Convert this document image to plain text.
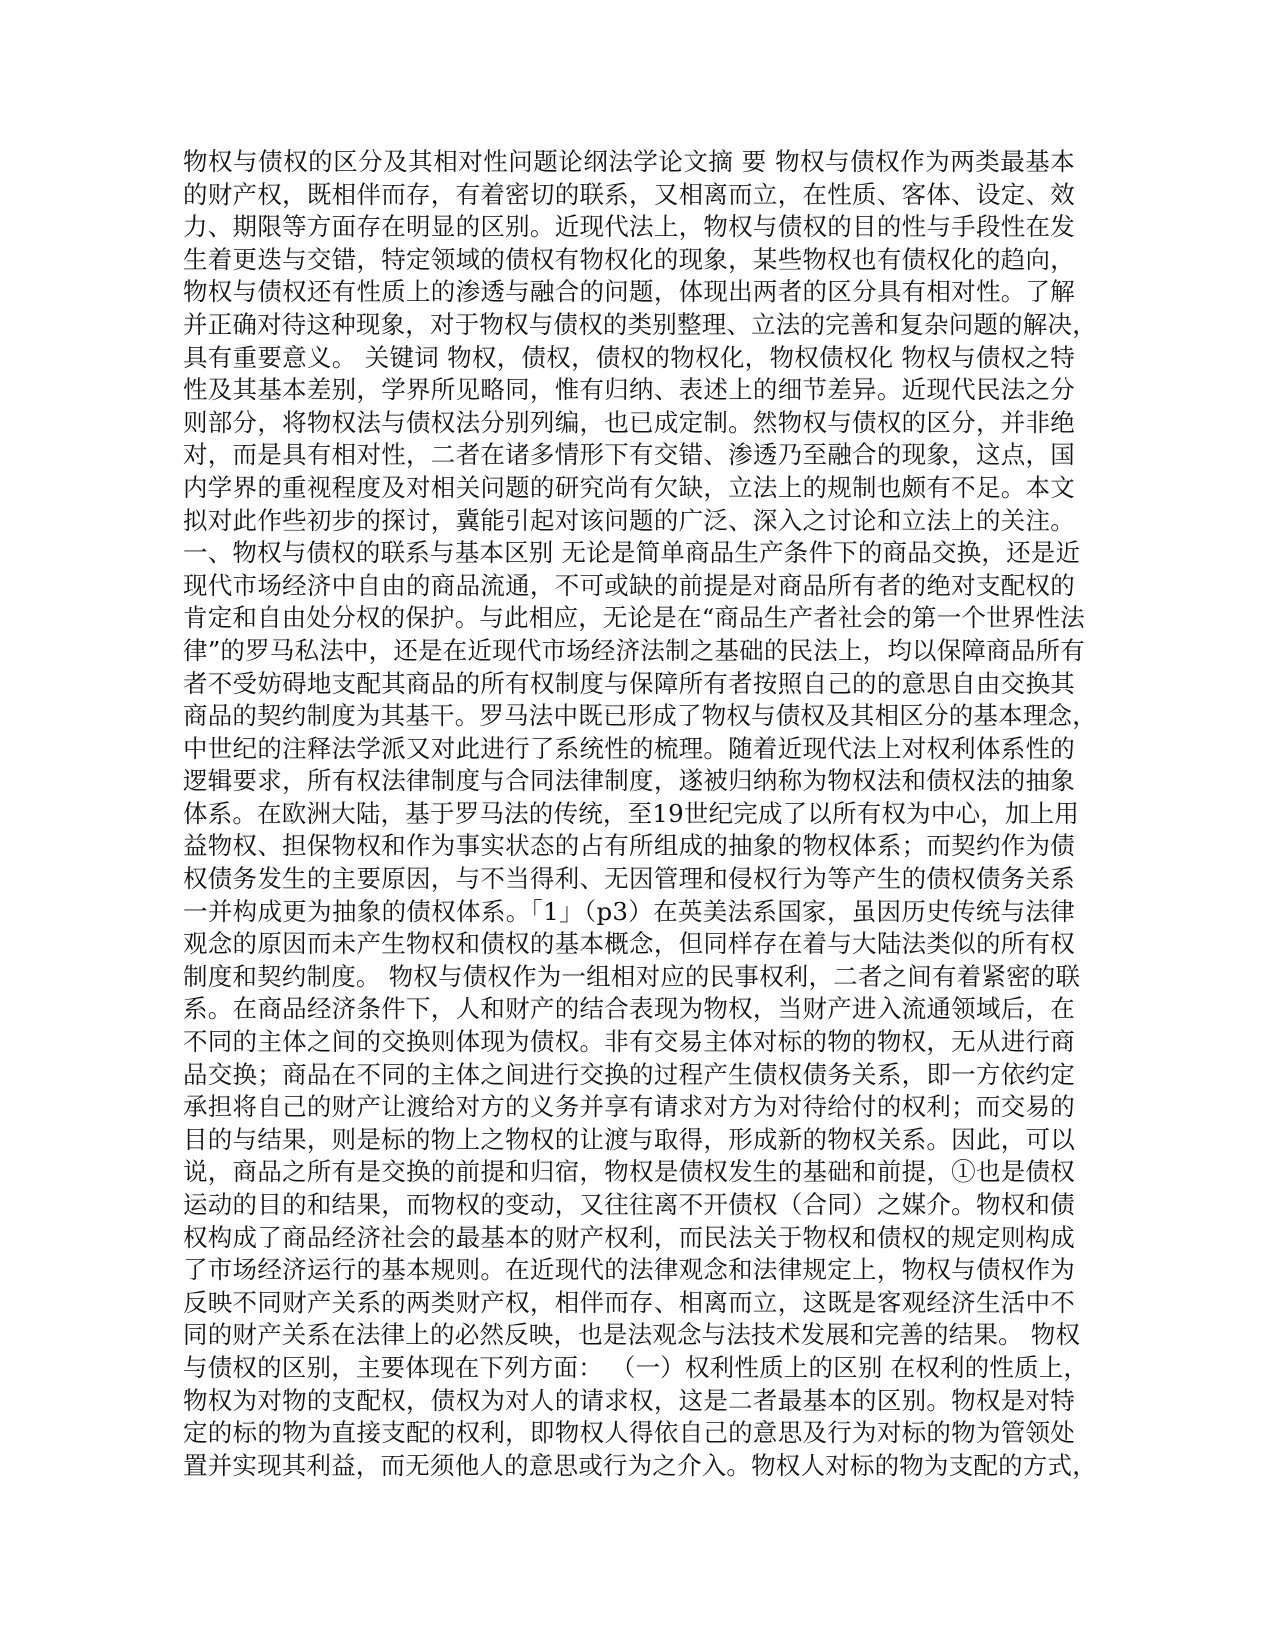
物权与债权的区分及其相对性问题论纲法学论文摘 要 物权与债权作为两类最基本
的财产权，既相伴而存，有着密切的联系，又相离而立，在性质、客体、设定、效
力、期限等方面存在明显的区别。近现代法上，物权与债权的目的性与手段性在发
生着更迭与交错，特定领域的债权有物权化的现象，某些物权也有债权化的趋向，
物权与债权还有性质上的渗透与融合的问题，体现出两者的区分具有相对性。了解
并正确对待这种现象，对于物权与债权的类别整理、立法的完善和复杂问题的解决，
具有重要意义。 关键词 物权，债权，债权的物权化，物权债权化 物权与债权之特
性及其基本差别，学界所见略同，惟有归纳、表述上的细节差异。近现代民法之分
则部分，将物权法与债权法分别列编，也已成定制。然物权与债权的区分，并非绝
对，而是具有相对性，二者在诸多情形下有交错、渗透乃至融合的现象，这点，国
内学界的重视程度及对相关问题的研究尚有欠缺，立法上的规制也颇有不足。本文
拟对此作些初步的探讨，冀能引起对该问题的广泛、深入之讨论和立法上的关注。
一、物权与债权的联系与基本区别 无论是简单商品生产条件下的商品交换，还是近
现代市场经济中自由的商品流通，不可或缺的前提是对商品所有者的绝对支配权的
肯定和自由处分权的保护。与此相应，无论是在“商品生产者社会的第一个世界性法
律”的罗马私法中，还是在近现代市场经济法制之基础的民法上，均以保障商品所有
者不受妨碍地支配其商品的所有权制度与保障所有者按照自己的的意思自由交换其
商品的契约制度为其基干。罗马法中既已形成了物权与债权及其相区分的基本理念，
中世纪的注释法学派又对此进行了系统性的梳理。随着近现代法上对权利体系性的
逻辑要求，所有权法律制度与合同法律制度，遂被归纳称为物权法和债权法的抽象
体系。在欧洲大陆，基于罗马法的传统，至19世纪完成了以所有权为中心，加上用
益物权、担保物权和作为事实状态的占有所组成的抽象的物权体系；而契约作为债
权债务发生的主要原因，与不当得利、无因管理和侵权行为等产生的债权债务关系
一并构成更为抽象的债权体系。「1」（p3）在英美法系国家，虽因历史传统与法律
观念的原因而未产生物权和债权的基本概念，但同样存在着与大陆法类似的所有权
制度和契约制度。 物权与债权作为一组相对应的民事权利，二者之间有着紧密的联
系。在商品经济条件下，人和财产的结合表现为物权，当财产进入流通领域后，在
不同的主体之间的交换则体现为债权。非有交易主体对标的物的物权，无从进行商
品交换；商品在不同的主体之间进行交换的过程产生债权债务关系，即一方依约定
承担将自己的财产让渡给对方的义务并享有请求对方为对待给付的权利；而交易的
目的与结果，则是标的物上之物权的让渡与取得，形成新的物权关系。因此，可以
说，商品之所有是交换的前提和归宿，物权是债权发生的基础和前提，①也是债权
运动的目的和结果，而物权的变动，又往往离不开债权（合同）之媒介。物权和债
权构成了商品经济社会的最基本的财产权利，而民法关于物权和债权的规定则构成
了市场经济运行的基本规则。在近现代的法律观念和法律规定上，物权与债权作为
反映不同财产关系的两类财产权，相伴而存、相离而立，这既是客观经济生活中不
同的财产关系在法律上的必然反映，也是法观念与法技术发展和完善的结果。 物权
与债权的区别，主要体现在下列方面： （一）权利性质上的区别 在权利的性质上，
物权为对物的支配权，债权为对人的请求权，这是二者最基本的区别。物权是对特
定的标的物为直接支配的权利，即物权人得依自己的意思及行为对标的物为管领处
置并实现其利益，而无须他人的意思或行为之介入。物权人对标的物为支配的方式，
